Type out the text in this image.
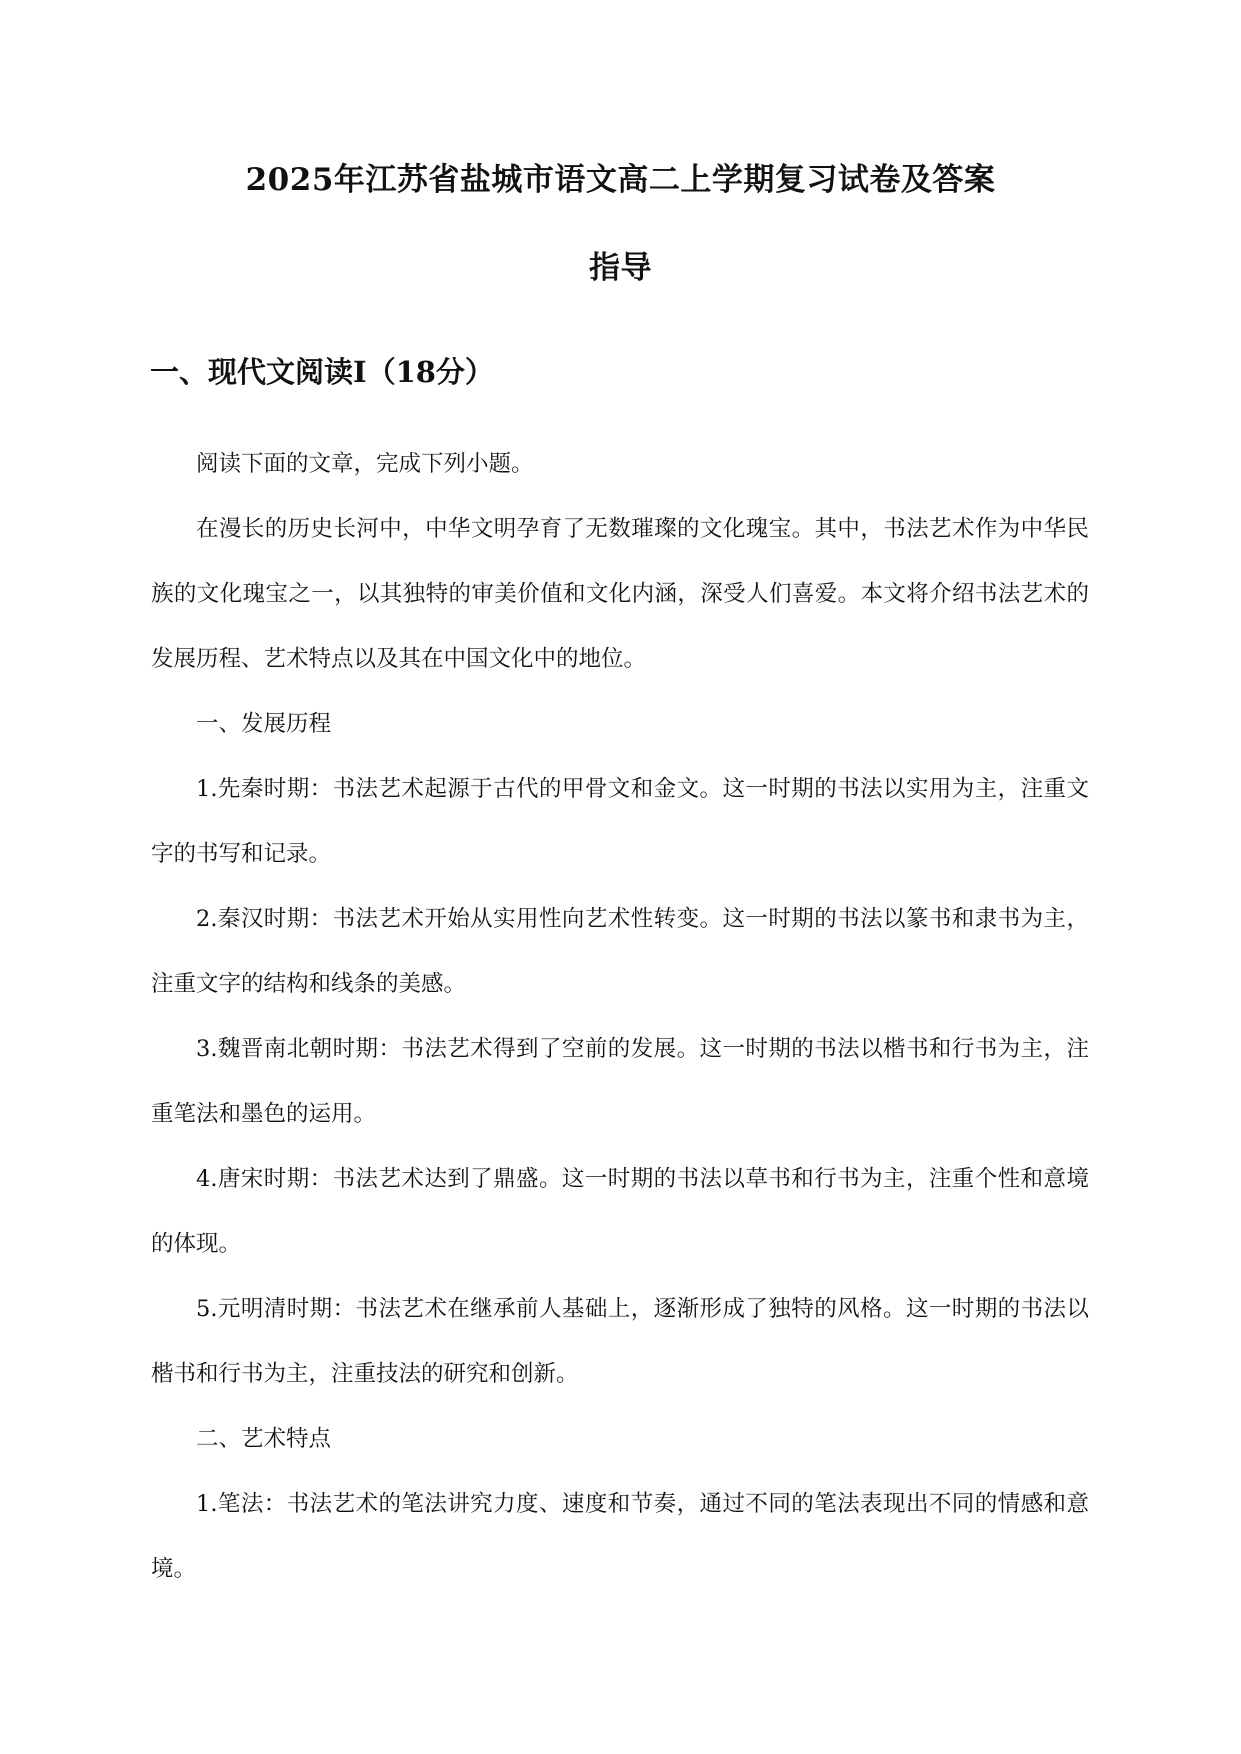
2025年江苏省盐城市语文高二上学期复习试卷及答案
指导
一、现代文阅读Ⅰ（18分）

阅读下面的文章，完成下列小题。

在漫长的历史长河中，中华文明孕育了无数璀璨的文化瑰宝。其中，书法艺术作为中华民族的文化瑰宝之一，以其独特的审美价值和文化内涵，深受人们喜爱。本文将介绍书法艺术的发展历程、艺术特点以及其在中国文化中的地位。

一、发展历程

1.先秦时期：书法艺术起源于古代的甲骨文和金文。这一时期的书法以实用为主，注重文字的书写和记录。

2.秦汉时期：书法艺术开始从实用性向艺术性转变。这一时期的书法以篆书和隶书为主，注重文字的结构和线条的美感。

3.魏晋南北朝时期：书法艺术得到了空前的发展。这一时期的书法以楷书和行书为主，注重笔法和墨色的运用。

4.唐宋时期：书法艺术达到了鼎盛。这一时期的书法以草书和行书为主，注重个性和意境的体现。

5.元明清时期：书法艺术在继承前人基础上，逐渐形成了独特的风格。这一时期的书法以楷书和行书为主，注重技法的研究和创新。

二、艺术特点

1.笔法：书法艺术的笔法讲究力度、速度和节奏，通过不同的笔法表现出不同的情感和意境。
